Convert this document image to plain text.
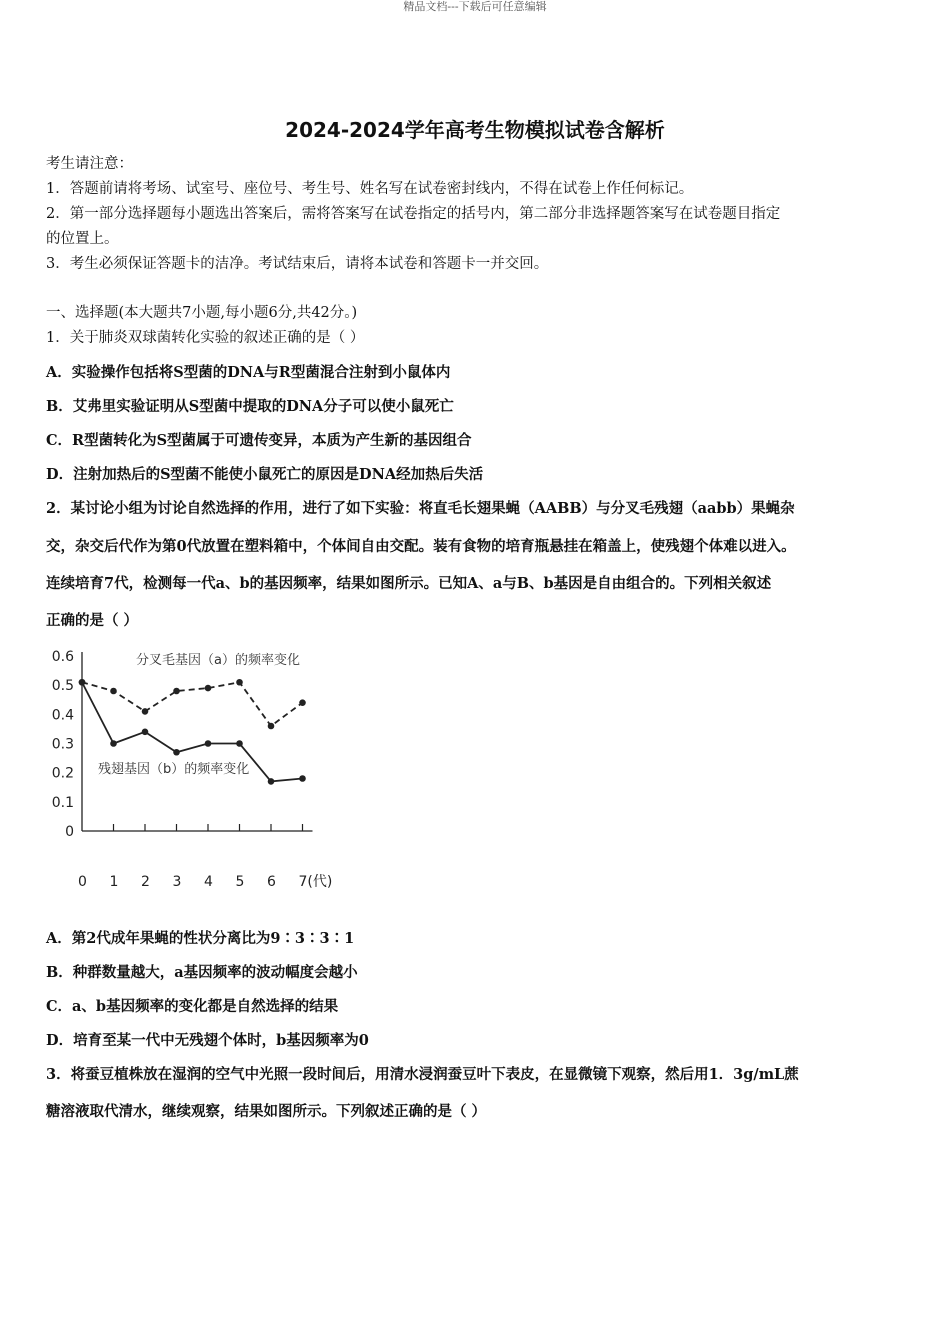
精品文档---下载后可任意编辑
2024-2024学年高考生物模拟试卷含解析
考生请注意：
1．答题前请将考场、试室号、座位号、考生号、姓名写在试卷密封线内，不得在试卷上作任何标记。
2．第一部分选择题每小题选出答案后，需将答案写在试卷指定的括号内，第二部分非选择题答案写在试卷题目指定
的位置上。
3．考生必须保证答题卡的洁净。考试结束后，请将本试卷和答题卡一并交回。
一、选择题(本大题共7小题,每小题6分,共42分。)
1．关于肺炎双球菌转化实验的叙述正确的是（ ）
A．实验操作包括将S型菌的DNA与R型菌混合注射到小鼠体内
B．艾弗里实验证明从S型菌中提取的DNA分子可以使小鼠死亡
C．R型菌转化为S型菌属于可遗传变异，本质为产生新的基因组合
D．注射加热后的S型菌不能使小鼠死亡的原因是DNA经加热后失活
2．某讨论小组为讨论自然选择的作用，进行了如下实验：将直毛长翅果蝇（AABB）与分叉毛残翅（aabb）果蝇杂
交，杂交后代作为第0代放置在塑料箱中，个体间自由交配。装有食物的培育瓶悬挂在箱盖上，使残翅个体难以进入。
连续培育7代，检测每一代a、b的基因频率，结果如图所示。已知A、a与B、b基因是自由组合的。下列相关叙述
正确的是（ ）
0
0.1
0.2
0.3
0.4
0.5
0.6
0 1 2 3 4 5 6 7(代)
分叉毛基因（a）的频率变化
残翅基因（b）的频率变化
A．第2代成年果蝇的性状分离比为9∶3∶3∶1
B．种群数量越大，a基因频率的波动幅度会越小
C．a、b基因频率的变化都是自然选择的结果
D．培育至某一代中无残翅个体时，b基因频率为0
3．将蚕豆植株放在湿润的空气中光照一段时间后，用清水浸润蚕豆叶下表皮，在显微镜下观察，然后用1．3g/mL蔗
糖溶液取代清水，继续观察，结果如图所示。下列叙述正确的是（ ）
